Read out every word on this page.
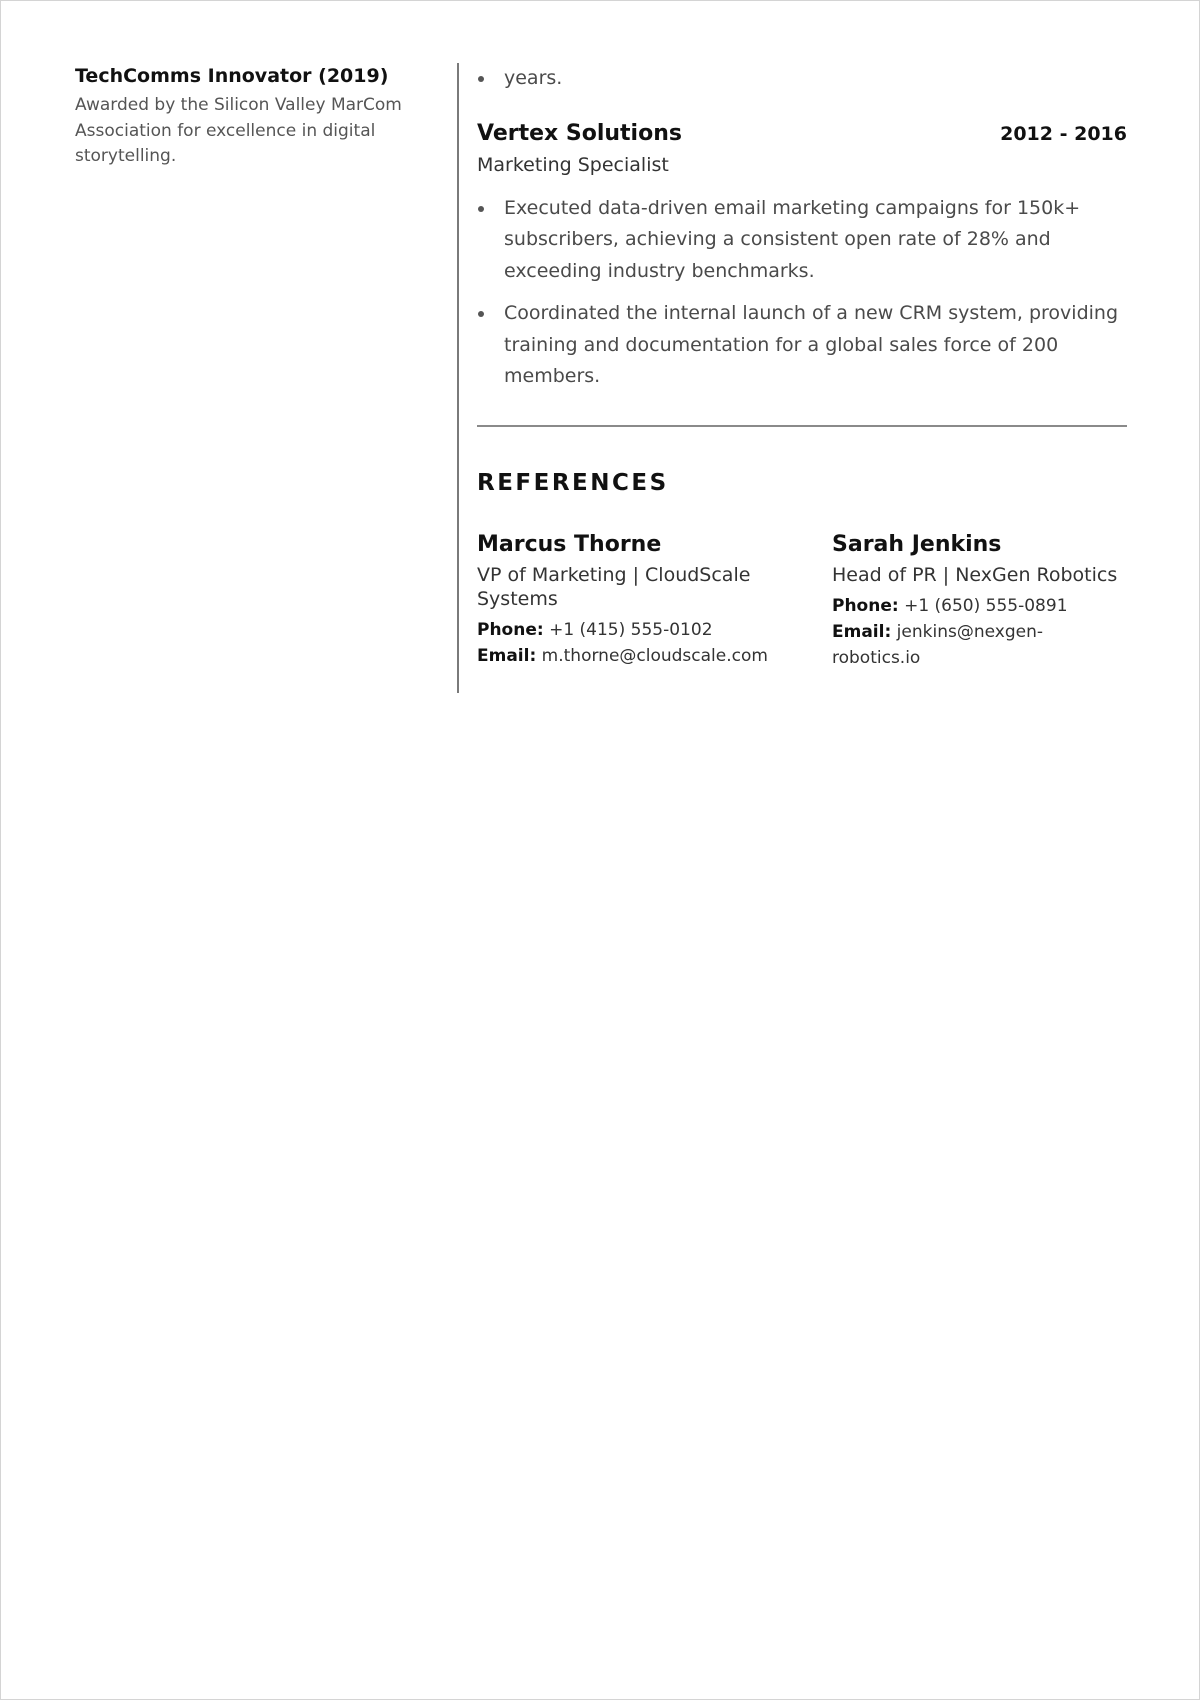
TechComms Innovator (2019)
Awarded by the Silicon Valley MarCom Association for excellence in digital storytelling.
years.
Vertex Solutions	2012 - 2016
Marketing Specialist
Executed data-driven email marketing campaigns for 150k+ subscribers, achieving a consistent open rate of 28% and exceeding industry benchmarks.
Coordinated the internal launch of a new CRM system, providing training and documentation for a global sales force of 200 members.
REFERENCES
Marcus Thorne
VP of Marketing | CloudScale Systems
Phone: +1 (415) 555-0102
Email: m.thorne@cloudscale.com
Sarah Jenkins
Head of PR | NexGen Robotics
Phone: +1 (650) 555-0891
Email: jenkins@nexgen-robotics.io
